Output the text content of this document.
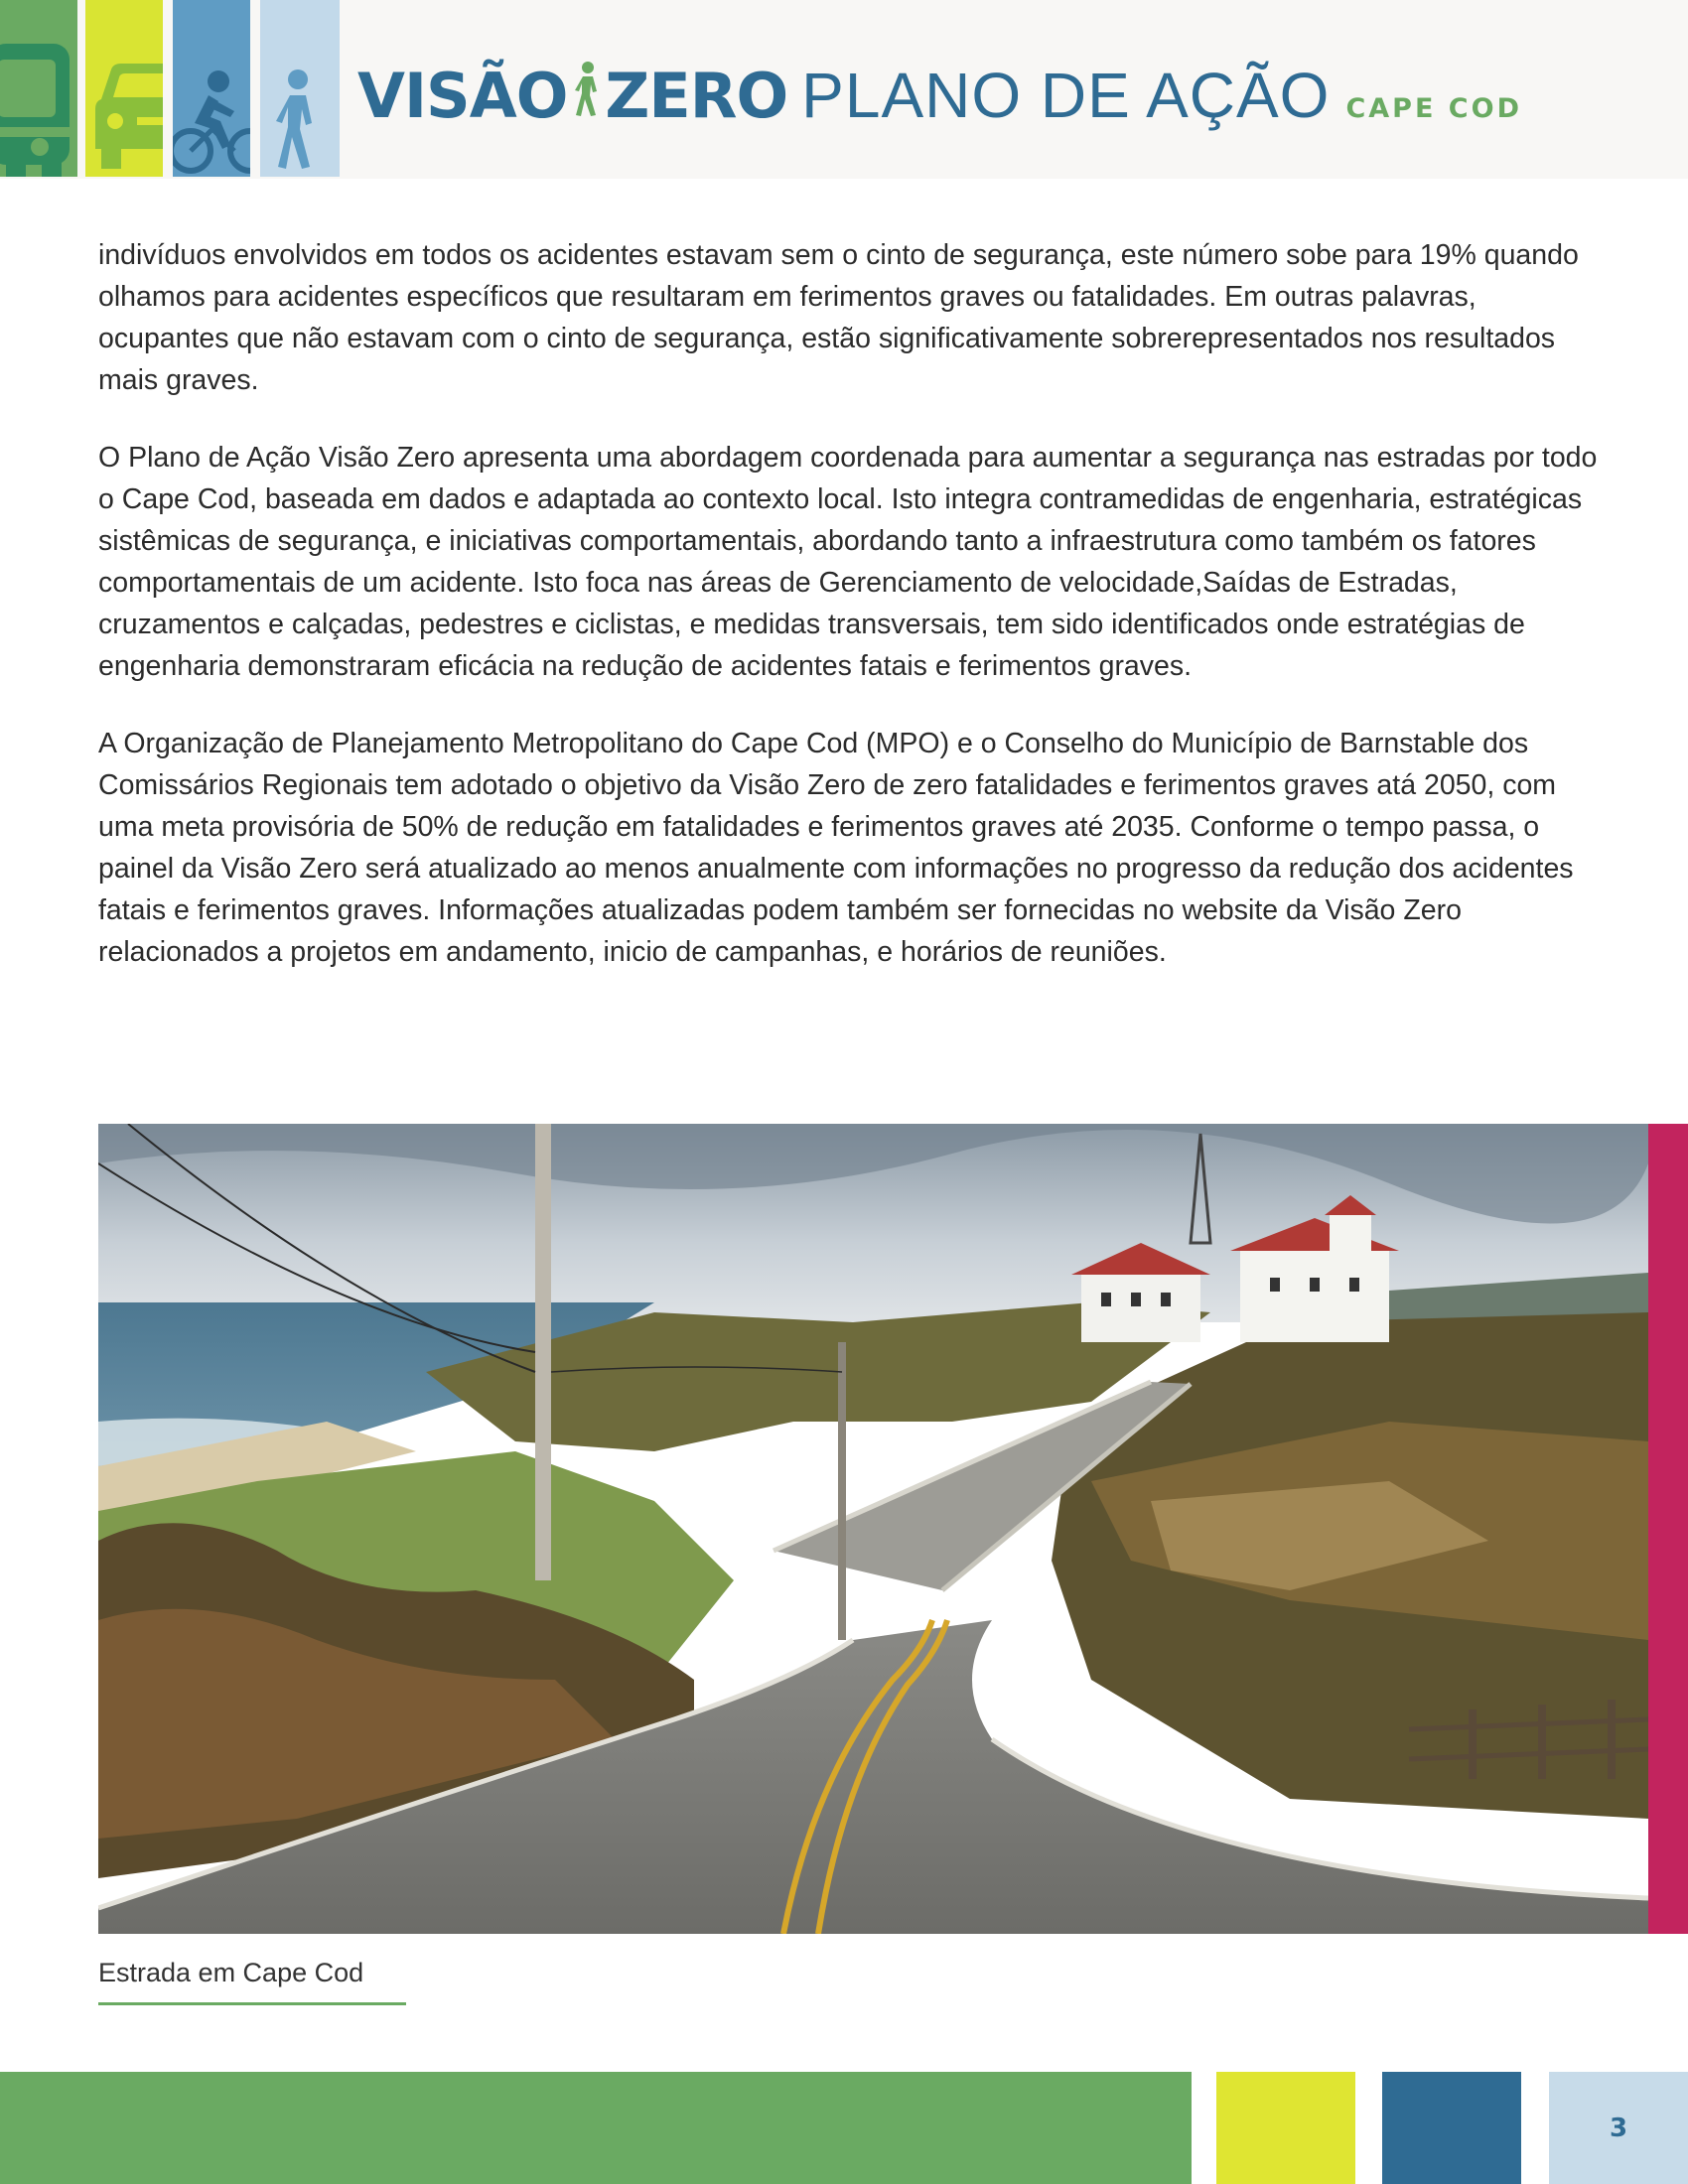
VISÃO ZERO PLANO DE AÇÃO CAPE COD

indivíduos envolvidos em todos os acidentes estavam sem o cinto de segurança, este número sobe para 19% quando olhamos para acidentes específicos que resultaram em ferimentos graves ou fatalidades. Em outras palavras, ocupantes que não estavam com o cinto de segurança, estão significativamente sobrerepresentados nos resultados mais graves.

O Plano de Ação Visão Zero apresenta uma abordagem coordenada para aumentar a segurança nas estradas por todo o Cape Cod, baseada em dados e adaptada ao contexto local. Isto integra contramedidas de engenharia, estratégicas sistêmicas de segurança, e iniciativas comportamentais, abordando tanto a infraestrutura como também os fatores comportamentais de um acidente. Isto foca nas áreas de Gerenciamento de velocidade,Saídas de Estradas, cruzamentos e calçadas, pedestres e ciclistas, e medidas transversais, tem sido identificados onde estratégias de engenharia demonstraram eficácia na redução de acidentes fatais e ferimentos graves.

A Organização de Planejamento Metropolitano do Cape Cod (MPO) e o Conselho do Município de Barnstable dos Comissários Regionais tem adotado o objetivo da Visão Zero de zero fatalidades e ferimentos graves atá 2050, com uma meta provisória de 50% de redução em fatalidades e ferimentos graves até 2035. Conforme o tempo passa, o painel da Visão Zero será atualizado ao menos anualmente com informações no progresso da redução dos acidentes fatais e ferimentos graves. Informações atualizadas podem também ser fornecidas no website da Visão Zero relacionados a projetos em andamento, inicio de campanhas, e horários de reuniões.

Estrada em Cape Cod
3
